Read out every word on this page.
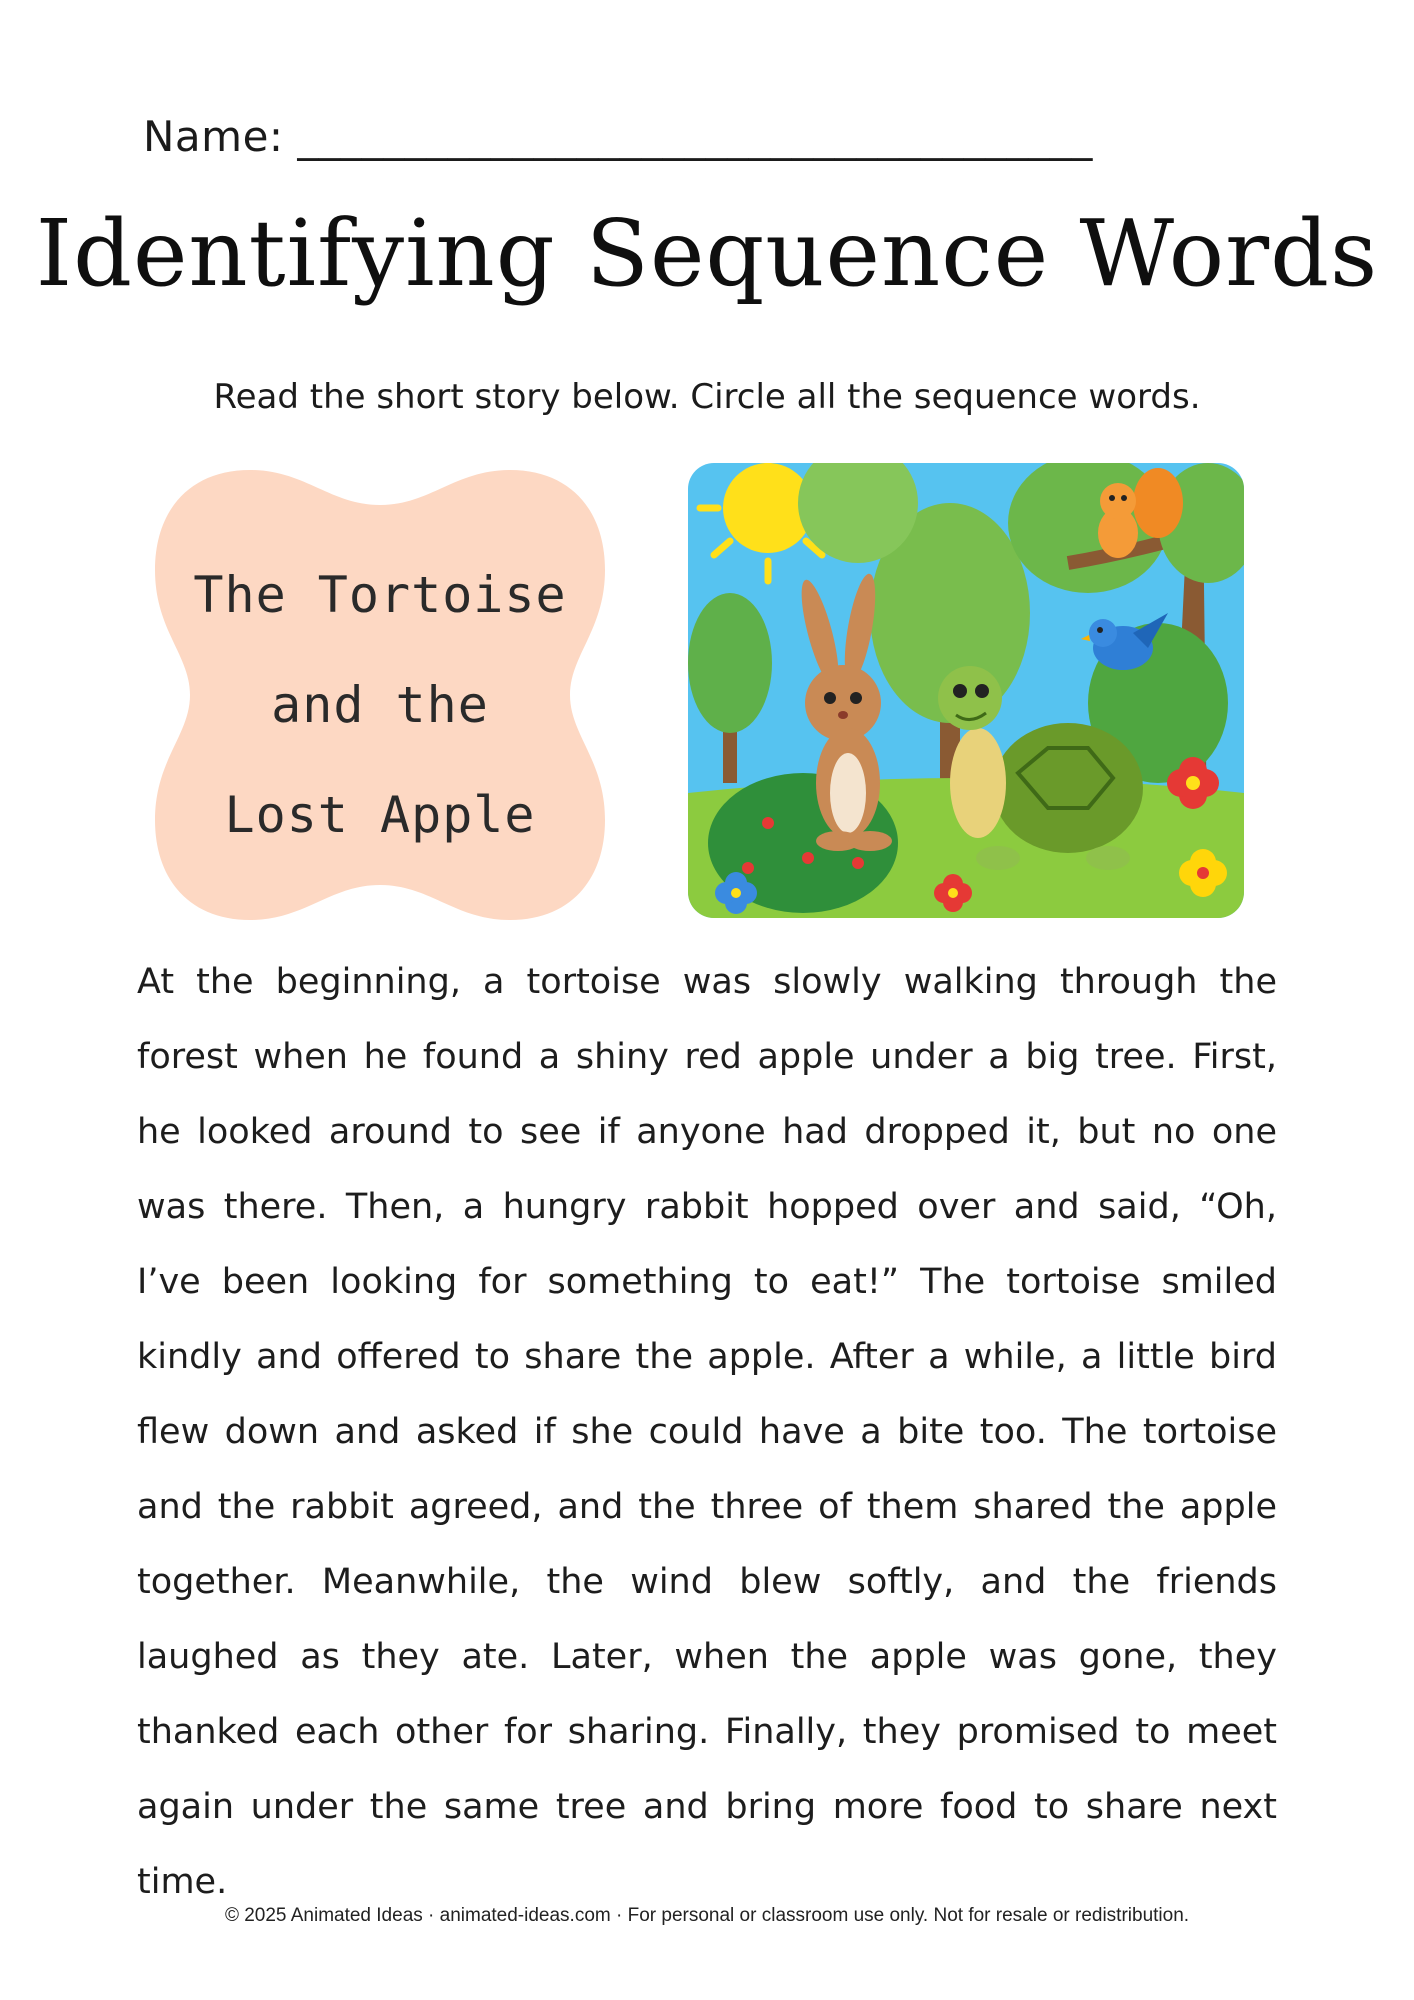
Name: _____________________________________
Identifying Sequence Words

Read the short story below. Circle all the sequence words.

The Tortoise
and the
Lost Apple

At the beginning, a tortoise was slowly walking through the forest when he found a shiny red apple under a big tree. First, he looked around to see if anyone had dropped it, but no one was there. Then, a hungry rabbit hopped over and said, “Oh, I’ve been looking for something to eat!” The tortoise smiled kindly and offered to share the apple. After a while, a little bird flew down and asked if she could have a bite too. The tortoise and the rabbit agreed, and the three of them shared the apple together. Meanwhile, the wind blew softly, and the friends laughed as they ate. Later, when the apple was gone, they thanked each other for sharing. Finally, they promised to meet again under the same tree and bring more food to share next time.

© 2025 Animated Ideas · animated-ideas.com · For personal or classroom use only. Not for resale or redistribution.
